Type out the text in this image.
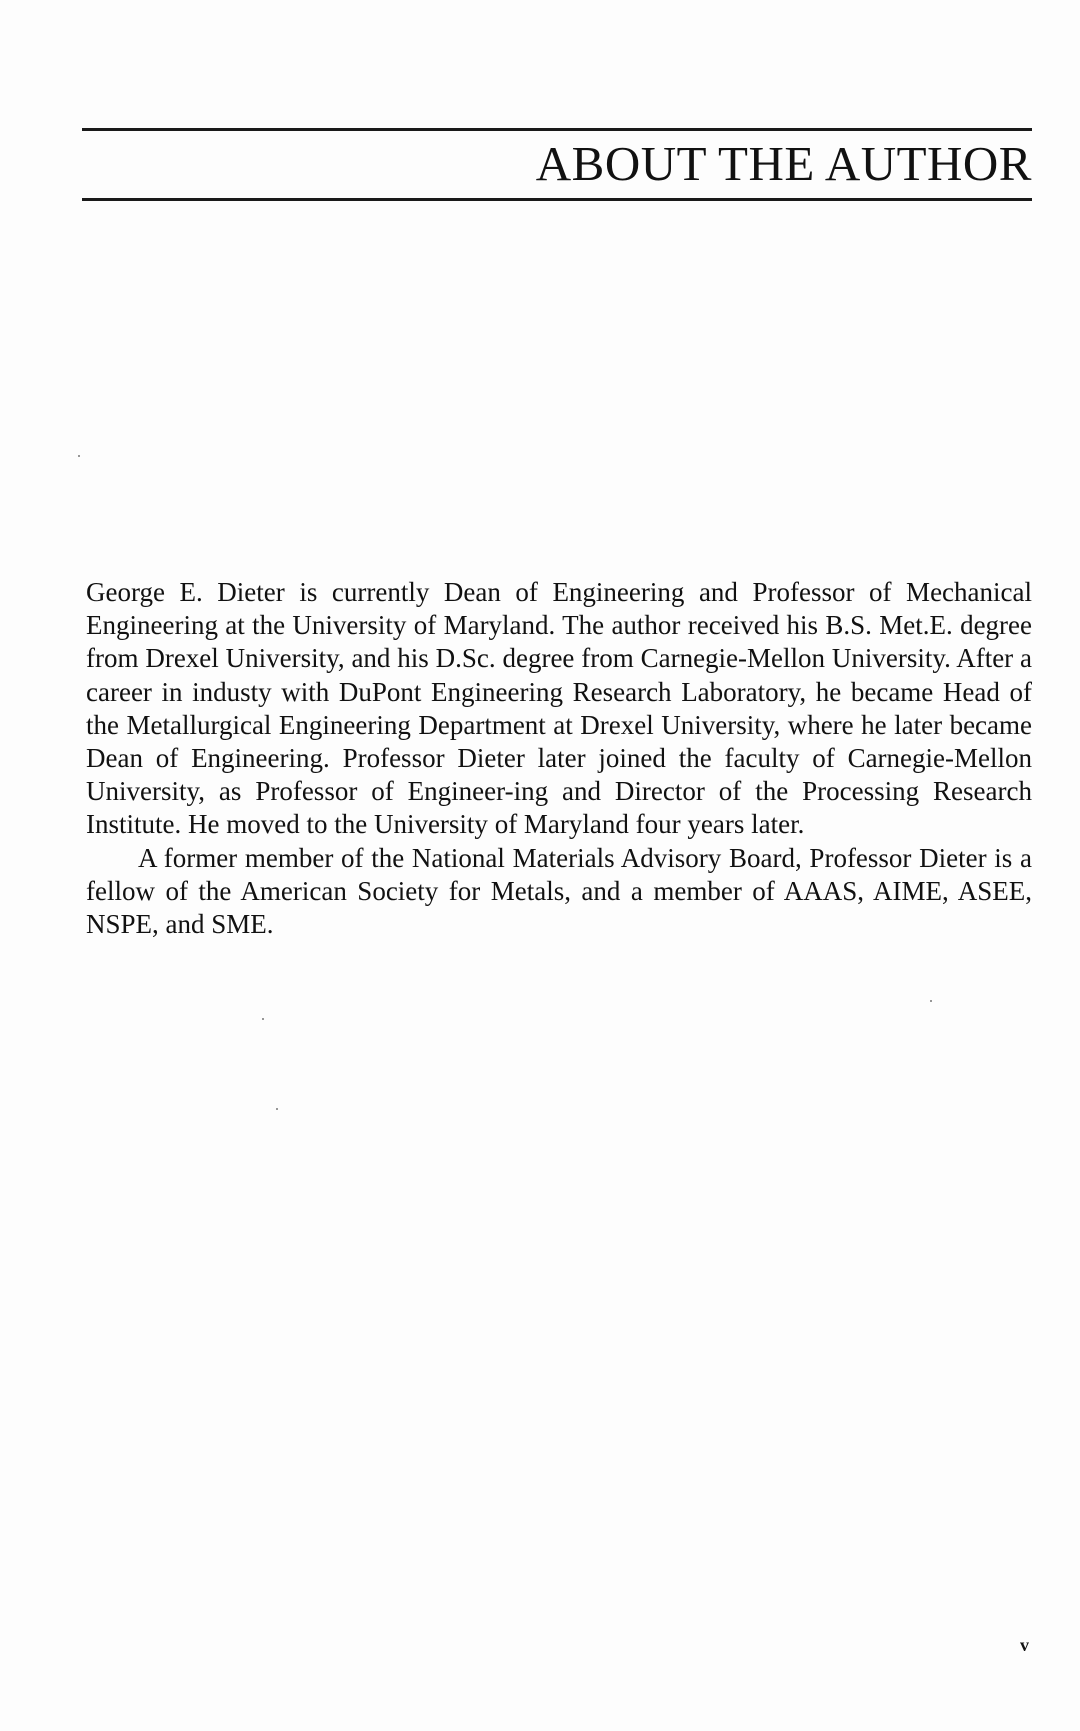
ABOUT THE AUTHOR

George E. Dieter is currently Dean of Engineering and Professor of Mechanical Engineering at the University of Maryland. The author received his B.S. Met.E. degree from Drexel University, and his D.Sc. degree from Carnegie-Mellon University. After a career in industy with DuPont Engineering Research Laboratory, he became Head of the Metallurgical Engineering Department at Drexel University, where he later became Dean of Engineering. Professor Dieter later joined the faculty of Carnegie-Mellon University, as Professor of Engineer-ing and Director of the Processing Research Institute. He moved to the University of Maryland four years later.

A former member of the National Materials Advisory Board, Professor Dieter is a fellow of the American Society for Metals, and a member of AAAS, AIME, ASEE, NSPE, and SME.

v
